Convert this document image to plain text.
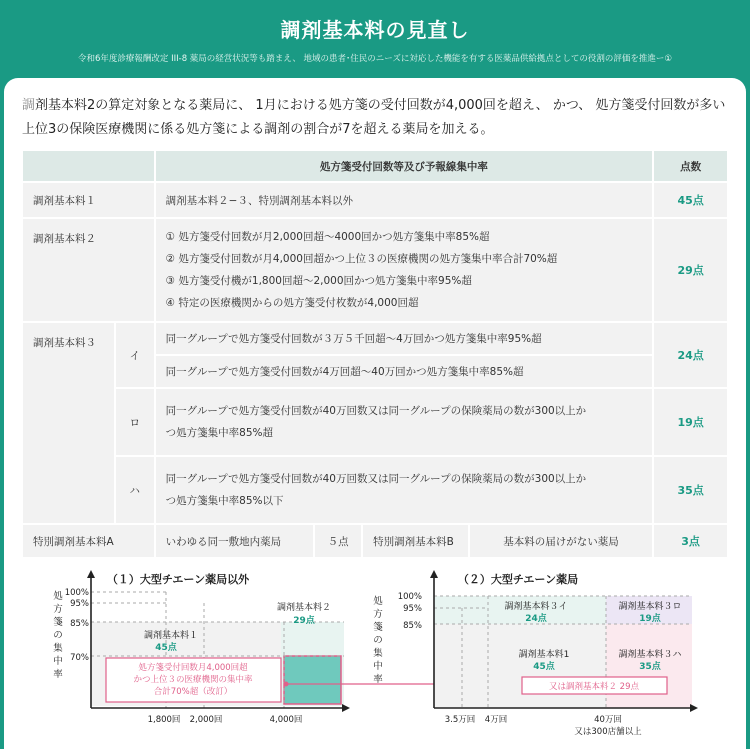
調剤基本料の見直し
令和6年度診療報酬改定 III-8 薬局の経営状況等も踏まえ、 地域の患者･住民のニーズに対応した機能を有する医薬品供給拠点としての役割の評価を推進ー①
調剤基本料2の算定対象となる薬局に、 1月における処方箋の受付回数が4,000回を超え、 かつ、 処方箋受付回数が多い上位3の保険医療機関に係る処方箋による調剤の割合が7を超える薬局を加える。
		処方箋受付回数等及び予報線集中率				点数
調剤基本料１		調剤基本料２−３、特別調剤基本料以外				45点
調剤基本料２		① 処方箋受付回数が月2,000回超～4000回かつ処方箋集中率85%超
② 処方箋受付回数が月4,000回超かつ上位３の医療機関の処方箋集中率合計70%超
③ 処方箋受付機が1,800回超～2,000回かつ処方箋集中率95%超
④ 特定の医療機関からの処方箋受付枚数が4,000回超				29点
調剤基本料３	イ	同一グループで処方箋受付回数が３万５千回超～4万回かつ処方箋集中率95%超				24点
		同一グループで処方箋受付回数が4万回超～40万回かつ処方箋集中率85%超				
	ロ	同一グループで処方箋受付回数が40万回数又は同一グループの保険薬局の数が300以上か
つ処方箋集中率85%超				19点
	ハ	同一グループで処方箋受付回数が40万回数又は同一グループの保険薬局の数が300以上か
つ処方箋集中率85%以下				35点
特別調剤基本料A		いわゆる同一敷地内薬局	５点	特別調剤基本料B	基本料の届けがない薬局	3点
（１）大型チエーン薬局以外
処
方
箋
の
集
中
率
100%
95%
85%
70%
1,800回 2,000回	4,000回
調剤基本料１
45点
調剤基本料２
29点
処方箋受付回数月4,000回超
かつ上位３の医療機関の集中率
合計70%超（改訂）
（２）大型チエーン薬局
処
方
箋
の
集
中
率
100%
95%
85%
3.5万回 4万回	40万回
又は300店舗以上
調剤基本料３イ
24点
調剤基本料３ロ
19点
調剤基本料1
45点
調剤基本料３ハ
35点
又は調剤基本料２ 29点
